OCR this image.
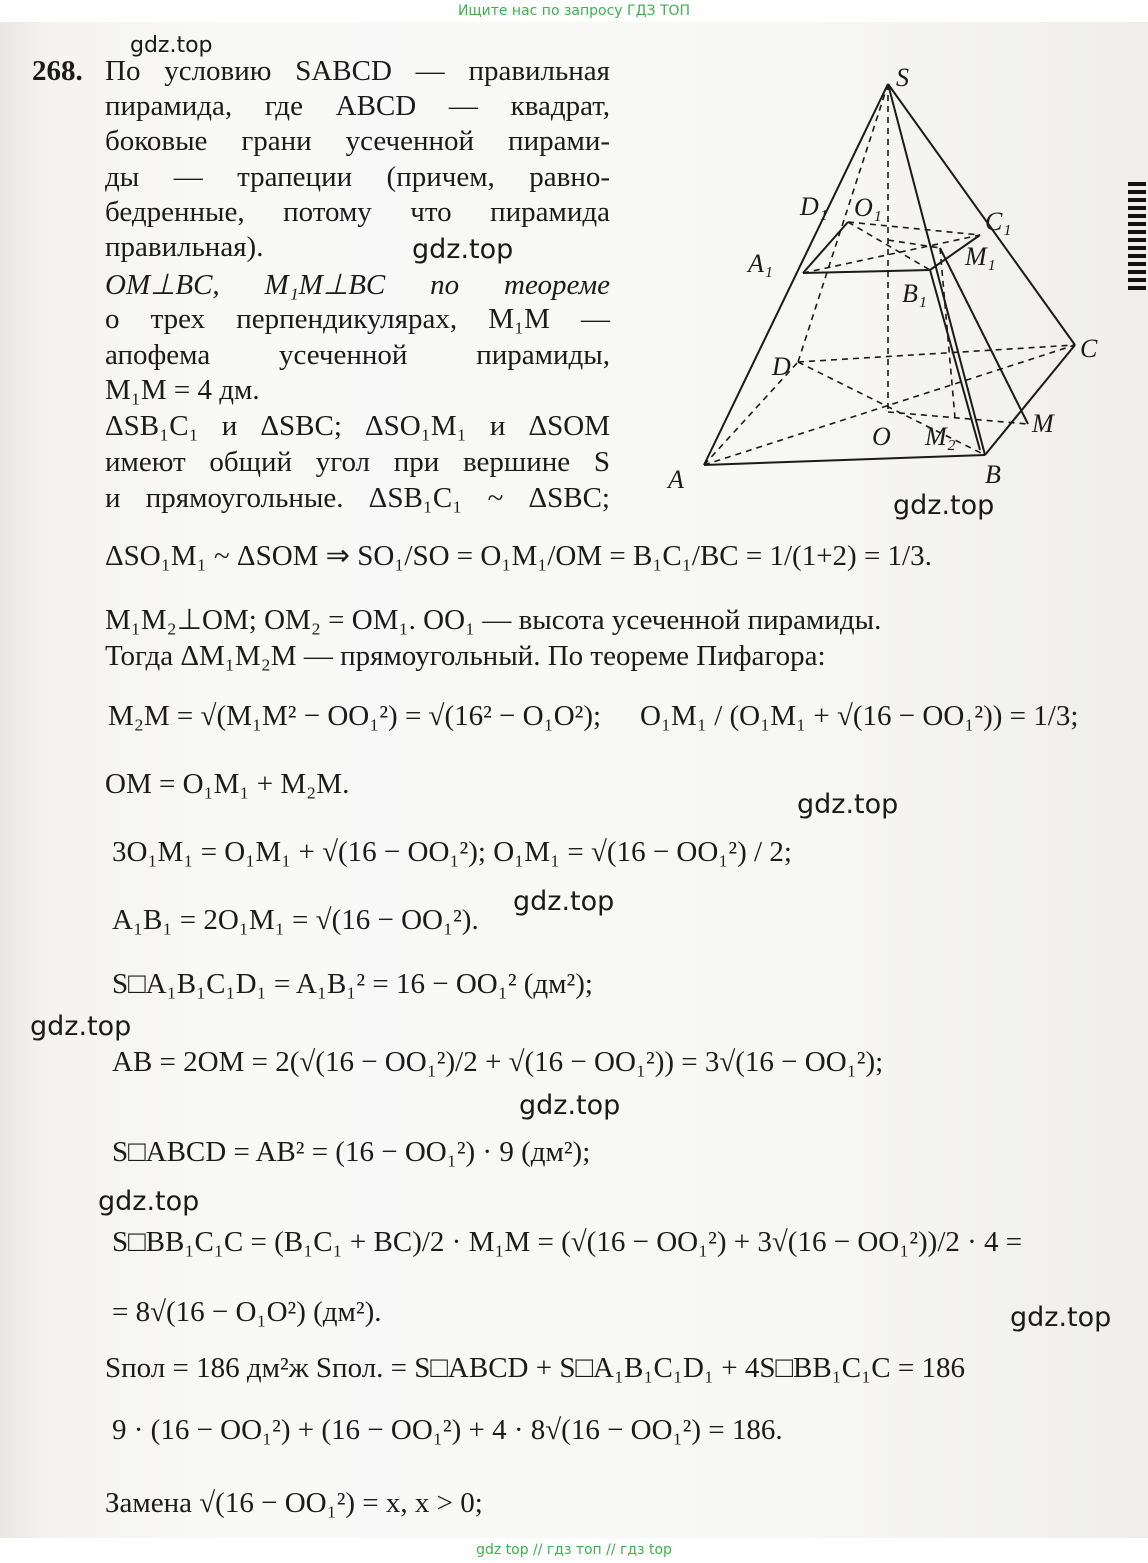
Ищите нас по запросу ГДЗ ТОП
268. По условию SABCD — правильная
пирамида, где ABCD — квадрат,
боковые грани усеченной пирами-
ды — трапеции (причем, равно-
бедренные, потому что пирамида
правильная).
OM⊥BC, M₁M⊥BC по теореме
о трех перпендикулярах, M₁M —
апофема усеченной пирамиды,
M₁M = 4 дм.
ΔSB₁C₁ и ΔSBC; ΔSO₁M₁ и ΔSOM
имеют общий угол при вершине S
и прямоугольные. ΔSB₁C₁ ~ ΔSBC;
ΔSO₁M₁ ~ ΔSOM ⇒ SO₁/SO = O₁M₁/OM = B₁C₁/BC = 1/(1+2) = 1/3.
M₁M₂⊥OM; OM₂ = OM₁. OO₁ — высота усеченной пирамиды.
Тогда ΔM₁M₂M — прямоугольный. По теореме Пифагора:
M₂M = √(M₁M² − OO₁²) = √(16² − O₁O²); O₁M₁ / (O₁M₁ + √(16 − OO₁²)) = 1/3;
OM = O₁M₁ + M₂M.
3O₁M₁ = O₁M₁ + √(16 − OO₁²); O₁M₁ = √(16 − OO₁²) / 2;
A₁B₁ = 2O₁M₁ = √(16 − OO₁²).
S□A₁B₁C₁D₁ = A₁B₁² = 16 − OO₁² (дм²);
AB = 2OM = 2(√(16 − OO₁²)/2 + √(16 − OO₁²)) = 3√(16 − OO₁²);
S□ABCD = AB² = (16 − OO₁²) · 9 (дм²);
S□BB₁C₁C = (B₁C₁ + BC)/2 · M₁M = (√(16 − OO₁²) + 3√(16 − OO₁²))/2 · 4 =
= 8√(16 − O₁O²) (дм²).
Sпол = 186 дм²ж Sпол. = S□ABCD + S□A₁B₁C₁D₁ + 4S□BB₁C₁C = 186
9 · (16 − OO₁²) + (16 − OO₁²) + 4 · 8√(16 − OO₁²) = 186.
Замена √(16 − OO₁²) = x, x > 0;
S
D₁ O₁	C₁
A₁	M₁
B₁
C
D
O M₂	M
A	B
gdz.top
gdz.top
gdz.top
gdz.top
gdz.top
gdz.top
gdz.top
gdz.top
gdz.top
gdz top // гдз топ // гдз top
